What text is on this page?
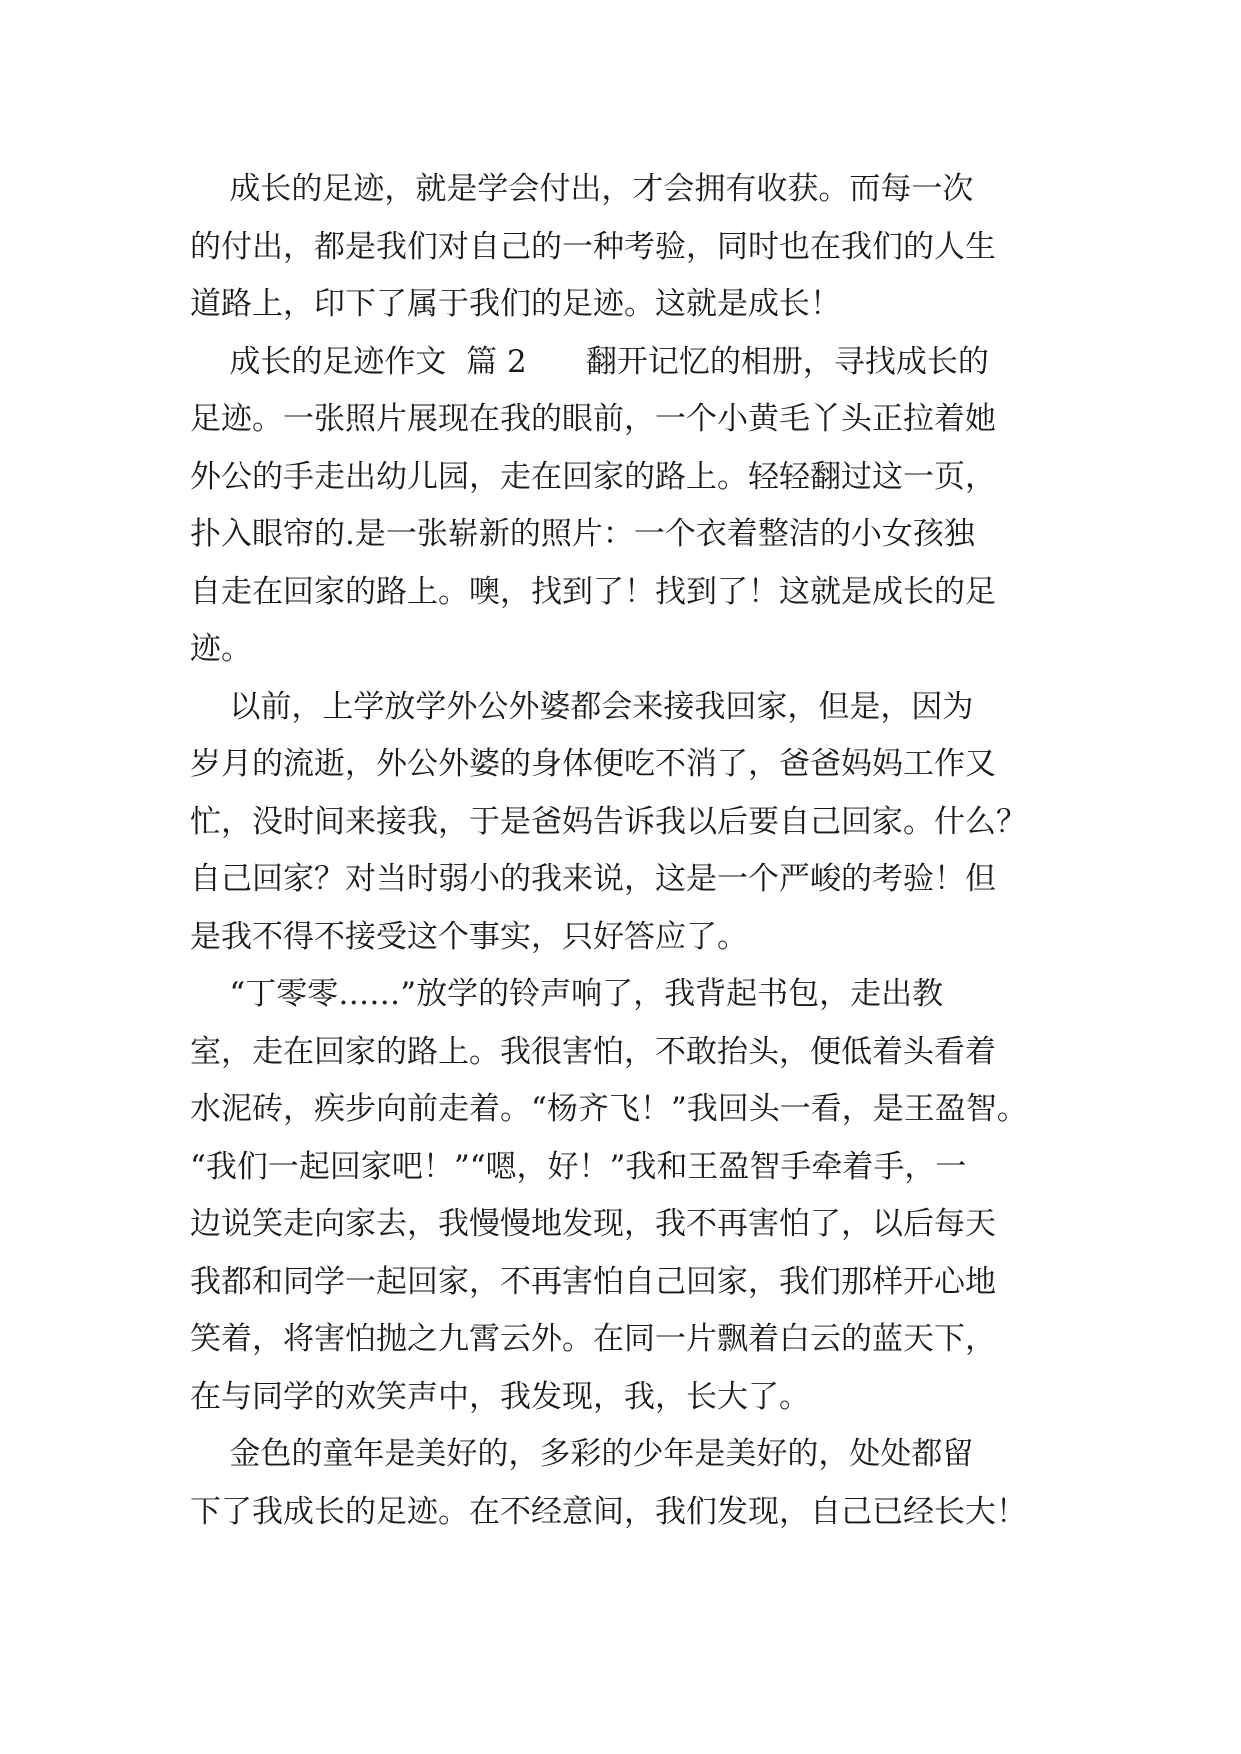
成长的足迹，就是学会付出，才会拥有收获。而每一次
的付出，都是我们对自己的一种考验，同时也在我们的人生
道路上，印下了属于我们的足迹。这就是成长！
成长的足迹作文  篇 2      翻开记忆的相册，寻找成长的
足迹。一张照片展现在我的眼前，一个小黄毛丫头正拉着她
外公的手走出幼儿园，走在回家的路上。轻轻翻过这一页，
扑入眼帘的.是一张崭新的照片：一个衣着整洁的小女孩独
自走在回家的路上。噢，找到了！找到了！这就是成长的足
迹。
以前，上学放学外公外婆都会来接我回家，但是，因为
岁月的流逝，外公外婆的身体便吃不消了，爸爸妈妈工作又
忙，没时间来接我，于是爸妈告诉我以后要自己回家。什么？
自己回家？对当时弱小的我来说，这是一个严峻的考验！但
是我不得不接受这个事实，只好答应了。
“丁零零……”放学的铃声响了，我背起书包，走出教
室，走在回家的路上。我很害怕，不敢抬头，便低着头看着
水泥砖，疾步向前走着。“杨齐飞！”我回头一看，是王盈智。
“我们一起回家吧！”“嗯，好！”我和王盈智手牵着手，一
边说笑走向家去，我慢慢地发现，我不再害怕了，以后每天
我都和同学一起回家，不再害怕自己回家，我们那样开心地
笑着，将害怕抛之九霄云外。在同一片飘着白云的蓝天下，
在与同学的欢笑声中，我发现，我，长大了。
金色的童年是美好的，多彩的少年是美好的，处处都留
下了我成长的足迹。在不经意间，我们发现，自己已经长大！
